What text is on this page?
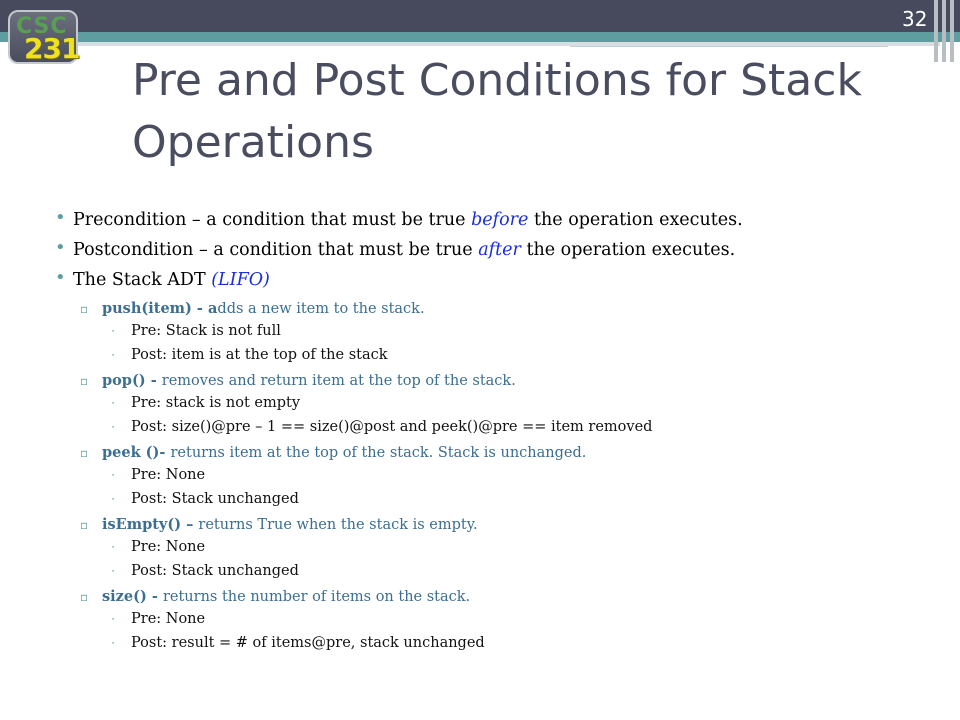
CSC
231
32
Pre and Post Conditions for Stack Operations
• Precondition – a condition that must be true before the operation executes.
• Postcondition – a condition that must be true after the operation executes.
• The Stack ADT (LIFO)
▫ push(item) - adds a new item to the stack.
⋅ Pre: Stack is not full
⋅ Post: item is at the top of the stack
▫ pop() - removes and return item at the top of the stack.
⋅ Pre: stack is not empty
⋅ Post: size()@pre – 1 == size()@post and peek()@pre == item removed
▫ peek ()- returns item at the top of the stack. Stack is unchanged.
⋅ Pre: None
⋅ Post: Stack unchanged
▫ isEmpty() – returns True when the stack is empty.
⋅ Pre: None
⋅ Post: Stack unchanged
▫ size() - returns the number of items on the stack.
⋅ Pre: None
⋅ Post: result = # of items@pre, stack unchanged
